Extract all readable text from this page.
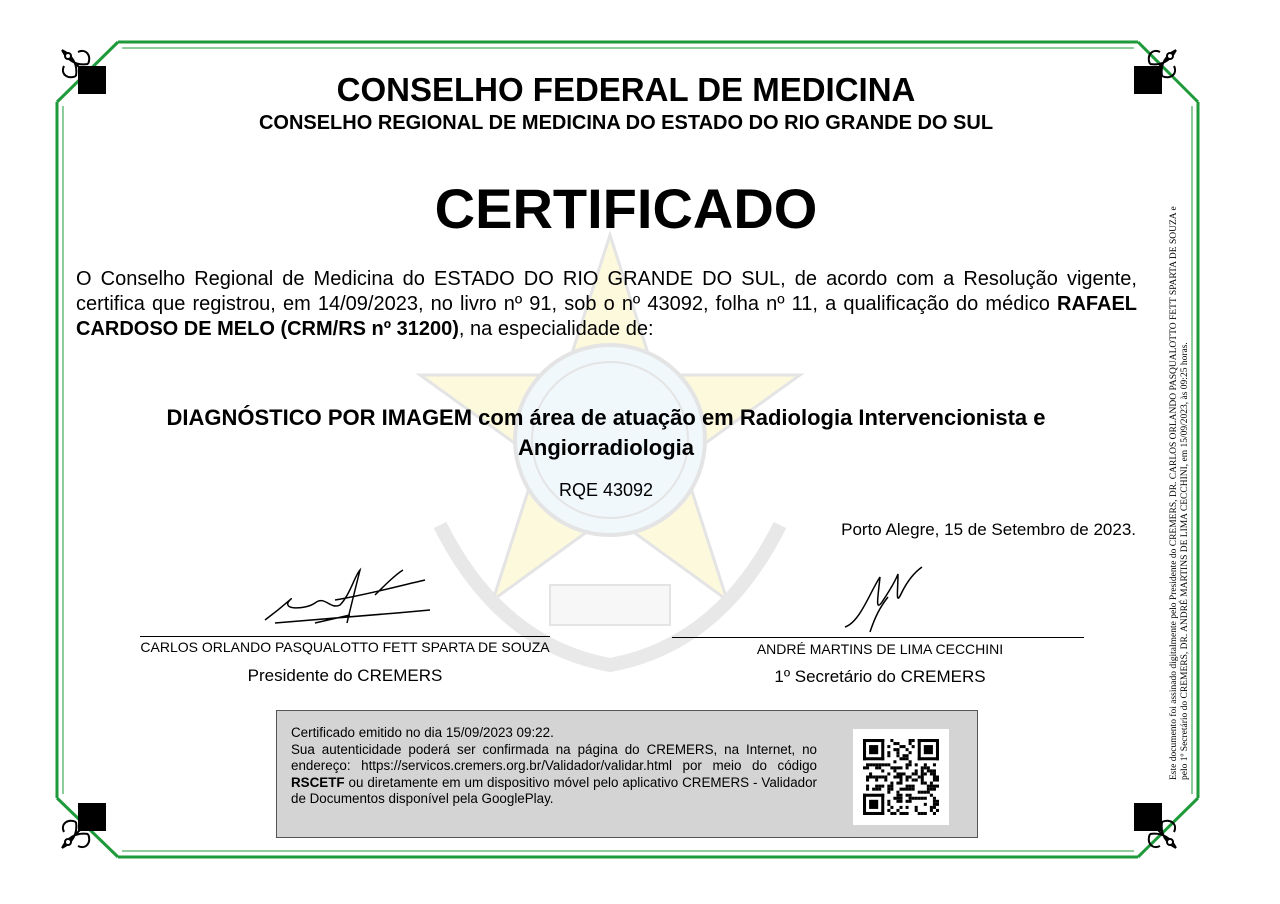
CONSELHO FEDERAL DE MEDICINA
CONSELHO REGIONAL DE MEDICINA DO ESTADO DO RIO GRANDE DO SUL
CERTIFICADO
O Conselho Regional de Medicina do ESTADO DO RIO GRANDE DO SUL, de acordo com a Resolução vigente, certifica que registrou, em 14/09/2023, no livro nº 91, sob o nº 43092, folha nº 11, a qualificação do médico RAFAEL CARDOSO DE MELO (CRM/RS nº 31200), na especialidade de:
DIAGNÓSTICO POR IMAGEM com área de atuação em Radiologia Intervencionista e Angiorradiologia
RQE 43092
Porto Alegre, 15 de Setembro de 2023.
CARLOS ORLANDO PASQUALOTTO FETT SPARTA DE SOUZA
Presidente do CREMERS
ANDRÉ MARTINS DE LIMA CECCHINI
1º Secretário do CREMERS
Certificado emitido no dia 15/09/2023 09:22.
Sua autenticidade poderá ser confirmada na página do CREMERS, na Internet, no endereço: https://servicos.cremers.org.br/Validador/validar.html por meio do código RSCETF ou diretamente em um dispositivo móvel pelo aplicativo CREMERS - Validador de Documentos disponível pela GooglePlay.
Este documento foi assinado digitalmente pelo Presidente do CREMERS, DR. CARLOS ORLANDO PASQUALOTTO FETT SPARTA DE SOUZA e pelo 1º Secretário do CREMERS, DR. ANDRÉ MARTINS DE LIMA CECCHINI, em 15/09/2023, às 09:25 horas.
